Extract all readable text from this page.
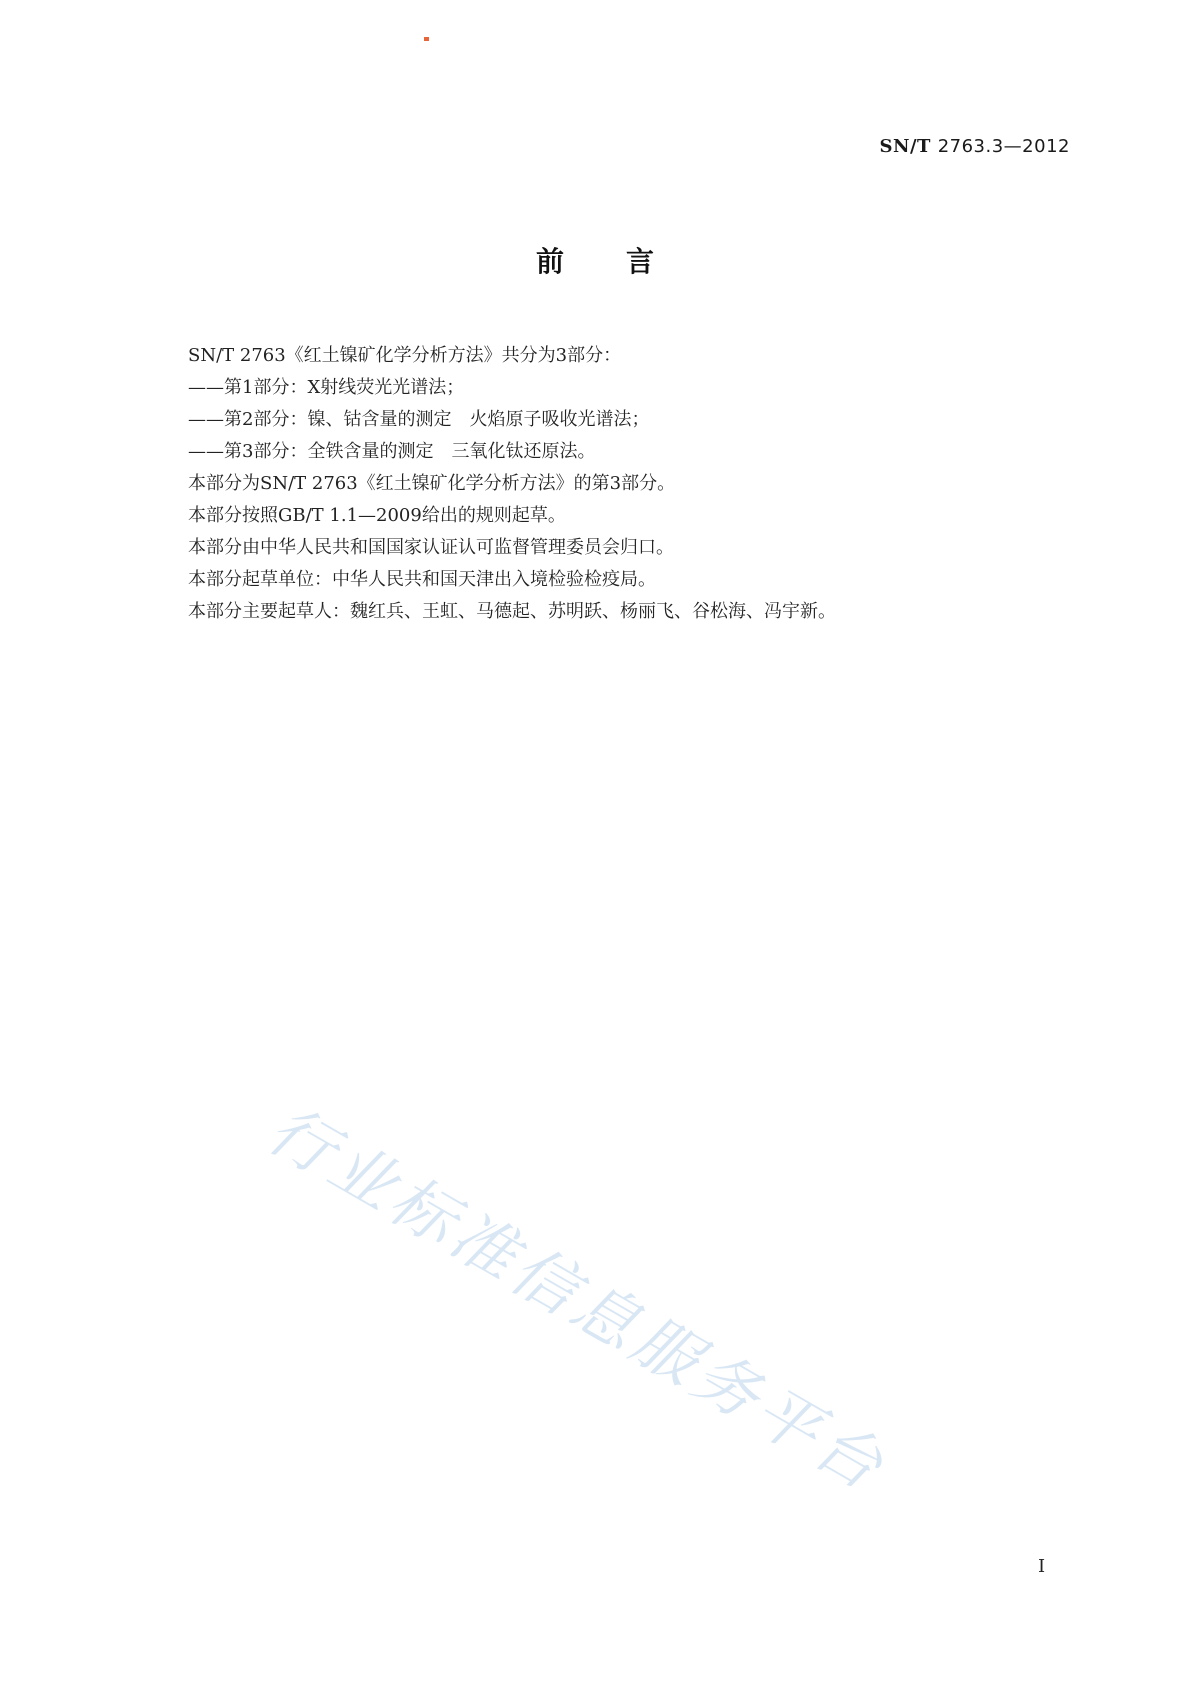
SN/T 2763.3—2012
前 言

SN/T 2763《红土镍矿化学分析方法》共分为3部分：

——第1部分：X射线荧光光谱法；

——第2部分：镍、钴含量的测定　火焰原子吸收光谱法；

——第3部分：全铁含量的测定　三氧化钛还原法。

本部分为SN/T 2763《红土镍矿化学分析方法》的第3部分。

本部分按照GB/T 1.1—2009给出的规则起草。

本部分由中华人民共和国国家认证认可监督管理委员会归口。

本部分起草单位：中华人民共和国天津出入境检验检疫局。

本部分主要起草人：魏红兵、王虹、马德起、苏明跃、杨丽飞、谷松海、冯宇新。

行业标准信息服务平台
I
